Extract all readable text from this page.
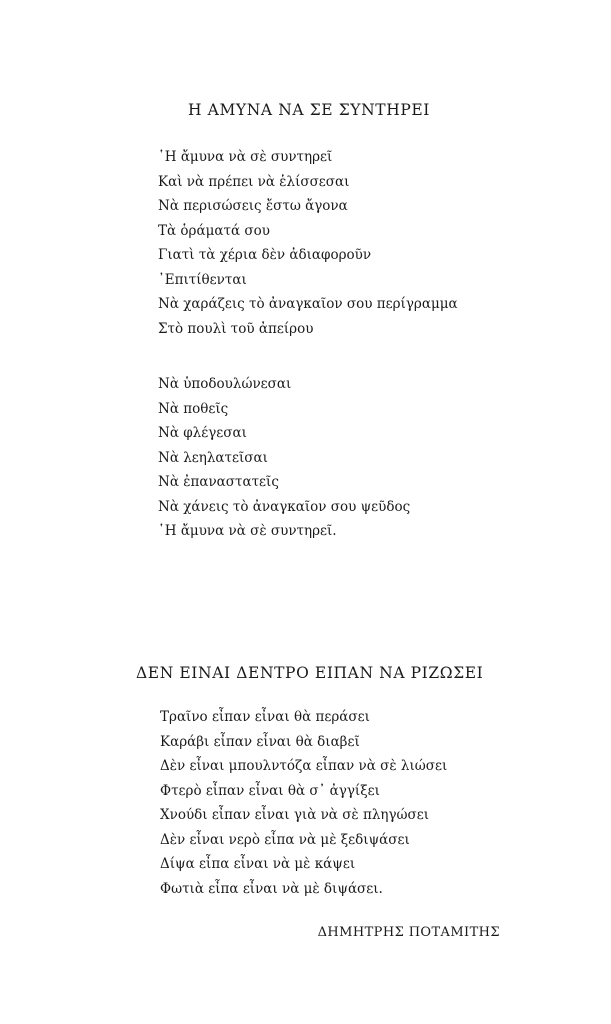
Η ΑΜΥΝΑ ΝΑ ΣΕ ΣΥΝΤΗΡΕΙ
῾Η ἄμυνα νὰ σὲ συντηρεῖ
Καὶ νὰ πρέπει νὰ ἑλίσσεσαι
Νὰ περισώσεις ἔστω ἄγονα
Τὰ ὁράματά σου
Γιατὶ τὰ χέρια δὲν ἀδιαφοροῦν
᾿Επιτίθενται
Νὰ χαράζεις τὸ ἀναγκαῖον σου περίγραμμα
Στὸ πουλὶ τοῦ ἀπείρου
Νὰ ὑποδουλώνεσαι
Νὰ ποθεῖς
Νὰ φλέγεσαι
Νὰ λεηλατεῖσαι
Νὰ ἐπαναστατεῖς
Νὰ χάνεις τὸ ἀναγκαῖον σου ψεῦδος
῾Η ἄμυνα νὰ σὲ συντηρεῖ.
ΔΕΝ ΕΙΝΑΙ ΔΕΝΤΡΟ ΕΙΠΑΝ ΝΑ ΡΙΖΩΣΕΙ
Τραῖνο εἶπαν εἶναι θὰ περάσει
Καράβι εἶπαν εἶναι θὰ διαβεῖ
Δὲν εἶναι μπουλντόζα εἶπαν νὰ σὲ λιώσει
Φτερὸ εἶπαν εἶναι θὰ σ᾿ ἀγγίξει
Χνούδι εἶπαν εἶναι γιὰ νὰ σὲ πληγώσει
Δὲν εἶναι νερὸ εἶπα νὰ μὲ ξεδιψάσει
Δίψα εἶπα εἶναι νὰ μὲ κάψει
Φωτιὰ εἶπα εἶναι νὰ μὲ διψάσει.

ΔΗΜΗΤΡΗΣ ΠΟΤΑΜΙΤΗΣ
